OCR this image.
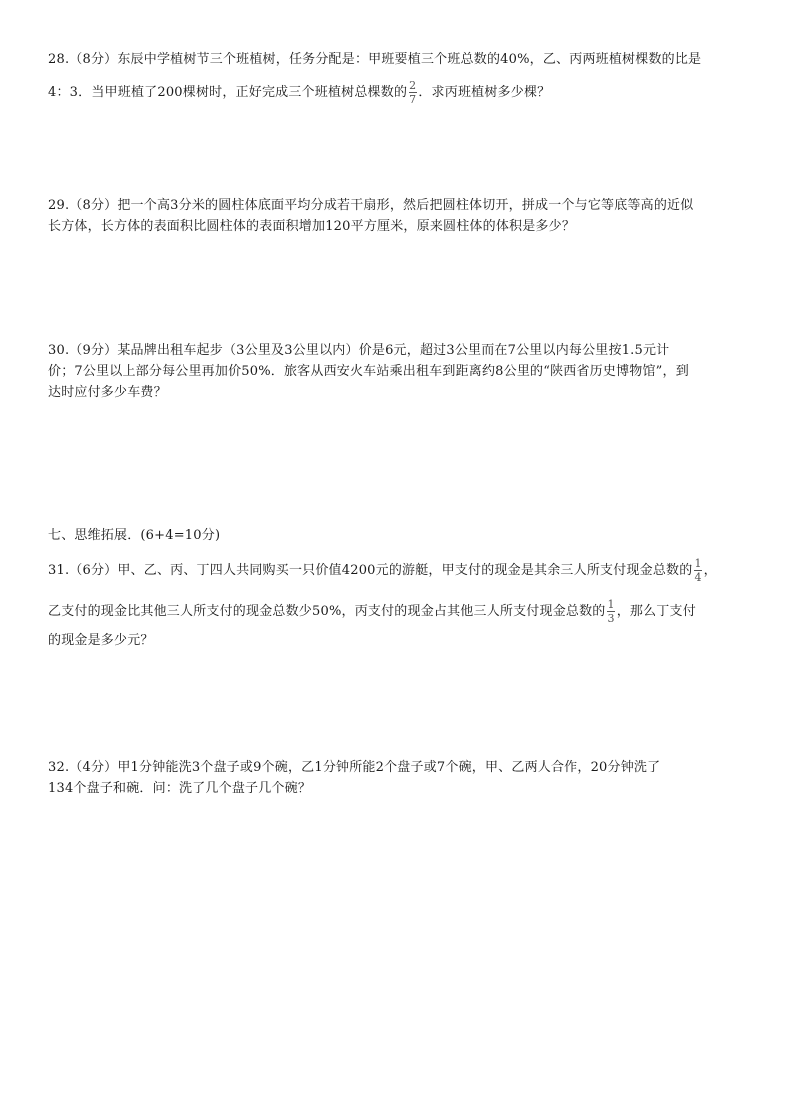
28.（8分）东辰中学植树节三个班植树，任务分配是：甲班要植三个班总数的40%，乙、丙两班植树棵数的比是
4：3．当甲班植了200棵树时，正好完成三个班植树总棵数的 $\frac{2}{7}$ ．求丙班植树多少棵？
29.（8分）把一个高3分米的圆柱体底面平均分成若干扇形，然后把圆柱体切开，拼成一个与它等底等高的近似
长方体，长方体的表面积比圆柱体的表面积增加120平方厘米，原来圆柱体的体积是多少？
30.（9分）某品牌出租车起步（3公里及3公里以内）价是6元，超过3公里而在7公里以内每公里按1.5元计
价；7公里以上部分每公里再加价50%．旅客从西安火车站乘出租车到距离约8公里的“陕西省历史博物馆”，到
达时应付多少车费？
七、思维拓展．(6+4=10分)
31.（6分）甲、乙、丙、丁四人共同购买一只价值4200元的游艇，甲支付的现金是其余三人所支付现金总数的 $\frac{1}{4}$ ，
乙支付的现金比其他三人所支付的现金总数少50%，丙支付的现金占其他三人所支付现金总数的 $\frac{1}{3}$ ，那么丁支付
的现金是多少元？
32.（4分）甲1分钟能洗3个盘子或9个碗，乙1分钟所能2个盘子或7个碗，甲、乙两人合作，20分钟洗了
134个盘子和碗．问：洗了几个盘子几个碗？
